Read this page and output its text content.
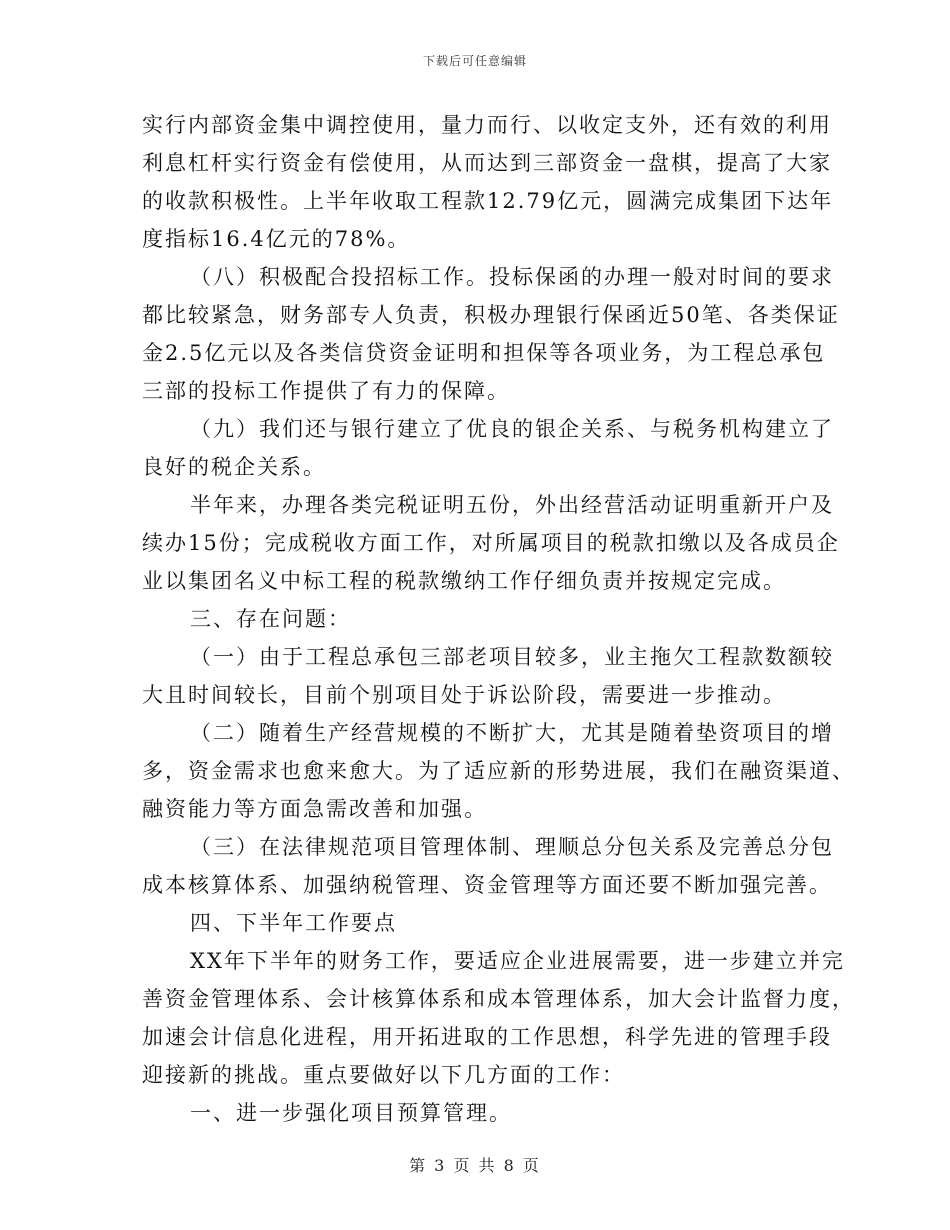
下载后可任意编辑
实行内部资金集中调控使用，量力而行、以收定支外，还有效的利用
利息杠杆实行资金有偿使用，从而达到三部资金一盘棋，提高了大家
的收款积极性。上半年收取工程款12.79亿元，圆满完成集团下达年
度指标16.4亿元的78%。
（八）积极配合投招标工作。投标保函的办理一般对时间的要求
都比较紧急，财务部专人负责，积极办理银行保函近50笔、各类保证
金2.5亿元以及各类信贷资金证明和担保等各项业务，为工程总承包
三部的投标工作提供了有力的保障。
（九）我们还与银行建立了优良的银企关系、与税务机构建立了
良好的税企关系。
半年来，办理各类完税证明五份，外出经营活动证明重新开户及
续办15份；完成税收方面工作，对所属项目的税款扣缴以及各成员企
业以集团名义中标工程的税款缴纳工作仔细负责并按规定完成。
三、存在问题：
（一）由于工程总承包三部老项目较多，业主拖欠工程款数额较
大且时间较长，目前个别项目处于诉讼阶段，需要进一步推动。
（二）随着生产经营规模的不断扩大，尤其是随着垫资项目的增
多，资金需求也愈来愈大。为了适应新的形势进展，我们在融资渠道、
融资能力等方面急需改善和加强。
（三）在法律规范项目管理体制、理顺总分包关系及完善总分包
成本核算体系、加强纳税管理、资金管理等方面还要不断加强完善。
四、下半年工作要点
XX年下半年的财务工作，要适应企业进展需要，进一步建立并完
善资金管理体系、会计核算体系和成本管理体系，加大会计监督力度，
加速会计信息化进程，用开拓进取的工作思想，科学先进的管理手段
迎接新的挑战。重点要做好以下几方面的工作：
一、进一步强化项目预算管理。
第 3 页 共 8 页
